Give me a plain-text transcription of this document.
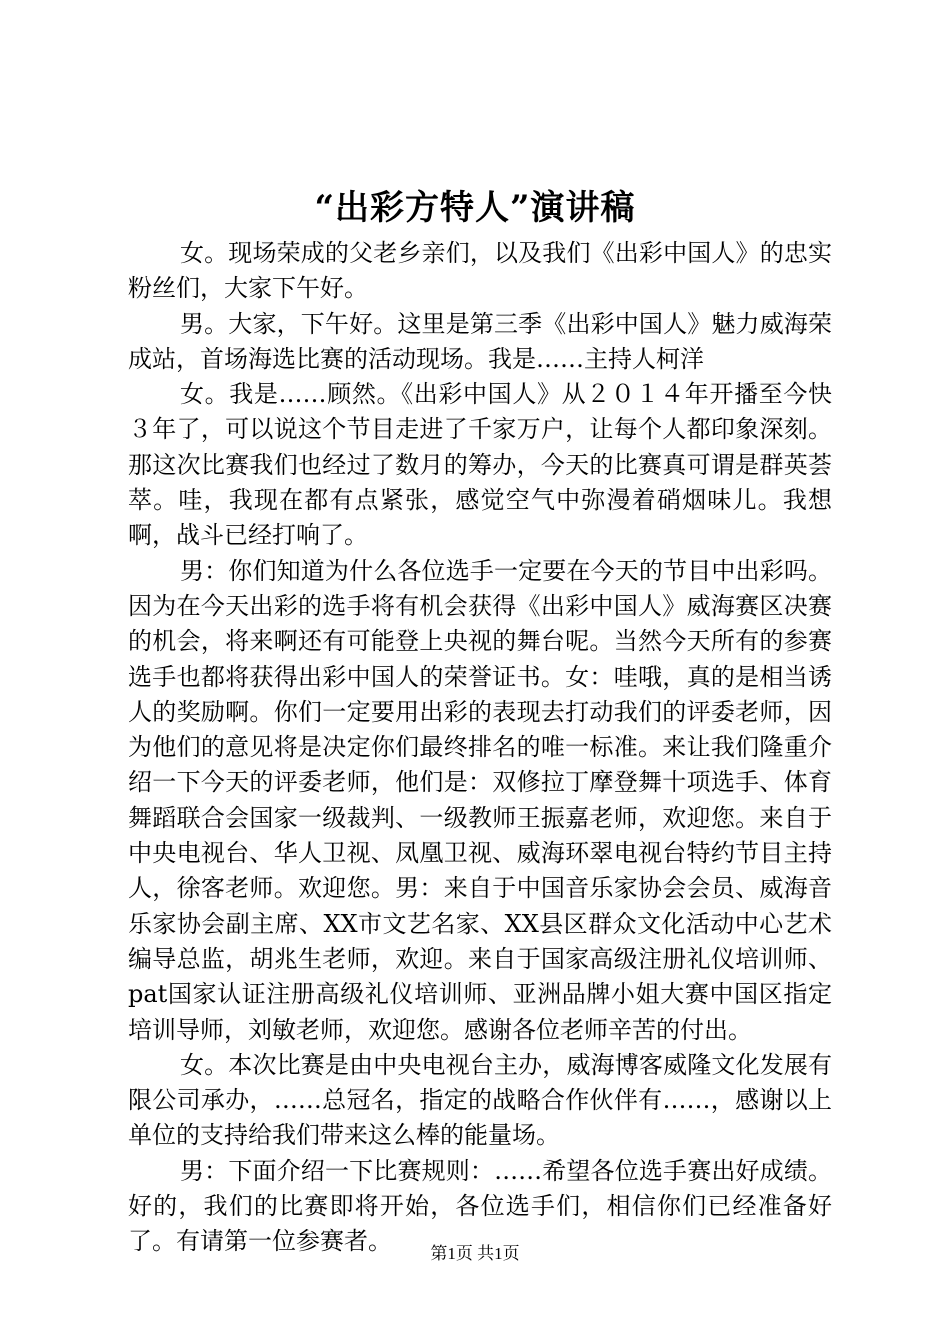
“出彩方特人”演讲稿

女。现场荣成的父老乡亲们，以及我们《出彩中国人》的忠实粉丝们，大家下午好。

男。大家，下午好。这里是第三季《出彩中国人》魅力威海荣成站，首场海选比赛的活动现场。我是……主持人柯洋

女。我是……顾然。《出彩中国人》从２０１４年开播至今快３年了，可以说这个节目走进了千家万户，让每个人都印象深刻。那这次比赛我们也经过了数月的筹办，今天的比赛真可谓是群英荟萃。哇，我现在都有点紧张，感觉空气中弥漫着硝烟味儿。我想啊，战斗已经打响了。

男：你们知道为什么各位选手一定要在今天的节目中出彩吗。因为在今天出彩的选手将有机会获得《出彩中国人》威海赛区决赛的机会，将来啊还有可能登上央视的舞台呢。当然今天所有的参赛选手也都将获得出彩中国人的荣誉证书。女：哇哦，真的是相当诱人的奖励啊。你们一定要用出彩的表现去打动我们的评委老师，因为他们的意见将是决定你们最终排名的唯一标准。来让我们隆重介绍一下今天的评委老师，他们是：双修拉丁摩登舞十项选手、体育舞蹈联合会国家一级裁判、一级教师王振嘉老师，欢迎您。来自于中央电视台、华人卫视、凤凰卫视、威海环翠电视台特约节目主持人，徐客老师。欢迎您。男：来自于中国音乐家协会会员、威海音乐家协会副主席、XX市文艺名家、XX县区群众文化活动中心艺术编导总监，胡兆生老师，欢迎。来自于国家高级注册礼仪培训师、pat国家认证注册高级礼仪培训师、亚洲品牌小姐大赛中国区指定培训导师，刘敏老师，欢迎您。感谢各位老师辛苦的付出。

女。本次比赛是由中央电视台主办，威海博客威隆文化发展有限公司承办，……总冠名，指定的战略合作伙伴有……，感谢以上单位的支持给我们带来这么棒的能量场。

男：下面介绍一下比赛规则：……希望各位选手赛出好成绩。好的，我们的比赛即将开始，各位选手们，相信你们已经准备好了。有请第一位参赛者。	第1页 共1页
